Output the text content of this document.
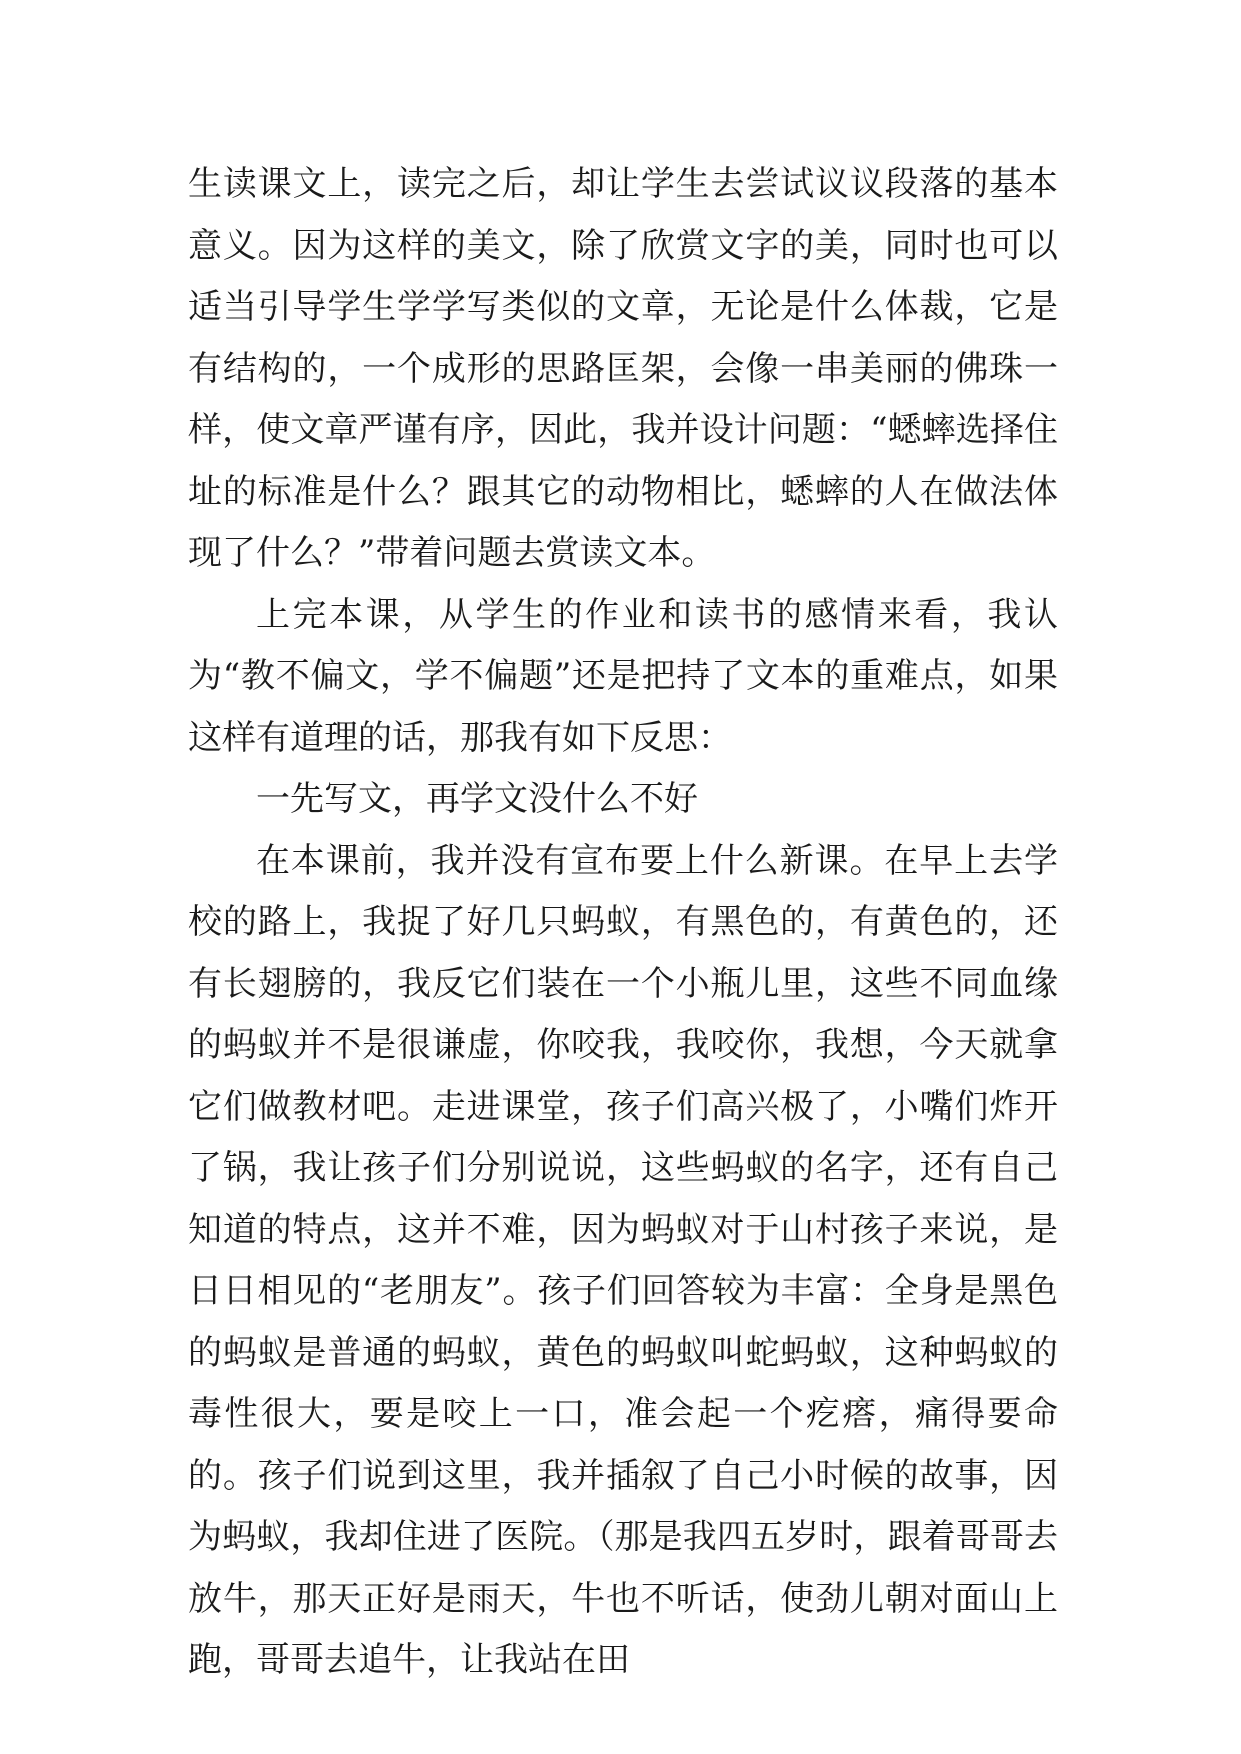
生读课文上，读完之后，却让学生去尝试议议段落的基本意义。因为这样的美文，除了欣赏文字的美，同时也可以适当引导学生学学写类似的文章，无论是什么体裁，它是有结构的，一个成形的思路匡架，会像一串美丽的佛珠一样，使文章严谨有序，因此，我并设计问题：“蟋蟀选择住址的标准是什么？跟其它的动物相比，蟋蟀的人在做法体现了什么？”带着问题去赏读文本。

上完本课，从学生的作业和读书的感情来看，我认为“教不偏文，学不偏题”还是把持了文本的重难点，如果这样有道理的话，那我有如下反思：

一先写文，再学文没什么不好

在本课前，我并没有宣布要上什么新课。在早上去学校的路上，我捉了好几只蚂蚁，有黑色的，有黄色的，还有长翅膀的，我反它们装在一个小瓶儿里，这些不同血缘的蚂蚁并不是很谦虚，你咬我，我咬你，我想，今天就拿它们做教材吧。走进课堂，孩子们高兴极了，小嘴们炸开了锅，我让孩子们分别说说，这些蚂蚁的名字，还有自己知道的特点，这并不难，因为蚂蚁对于山村孩子来说，是日日相见的“老朋友”。孩子们回答较为丰富：全身是黑色的蚂蚁是普通的蚂蚁，黄色的蚂蚁叫蛇蚂蚁，这种蚂蚁的毒性很大，要是咬上一口，准会起一个疙瘩，痛得要命的。孩子们说到这里，我并插叙了自己小时候的故事，因为蚂蚁，我却住进了医院。（那是我四五岁时，跟着哥哥去放牛，那天正好是雨天，牛也不听话，使劲儿朝对面山上跑，哥哥去追牛，让我站在田
